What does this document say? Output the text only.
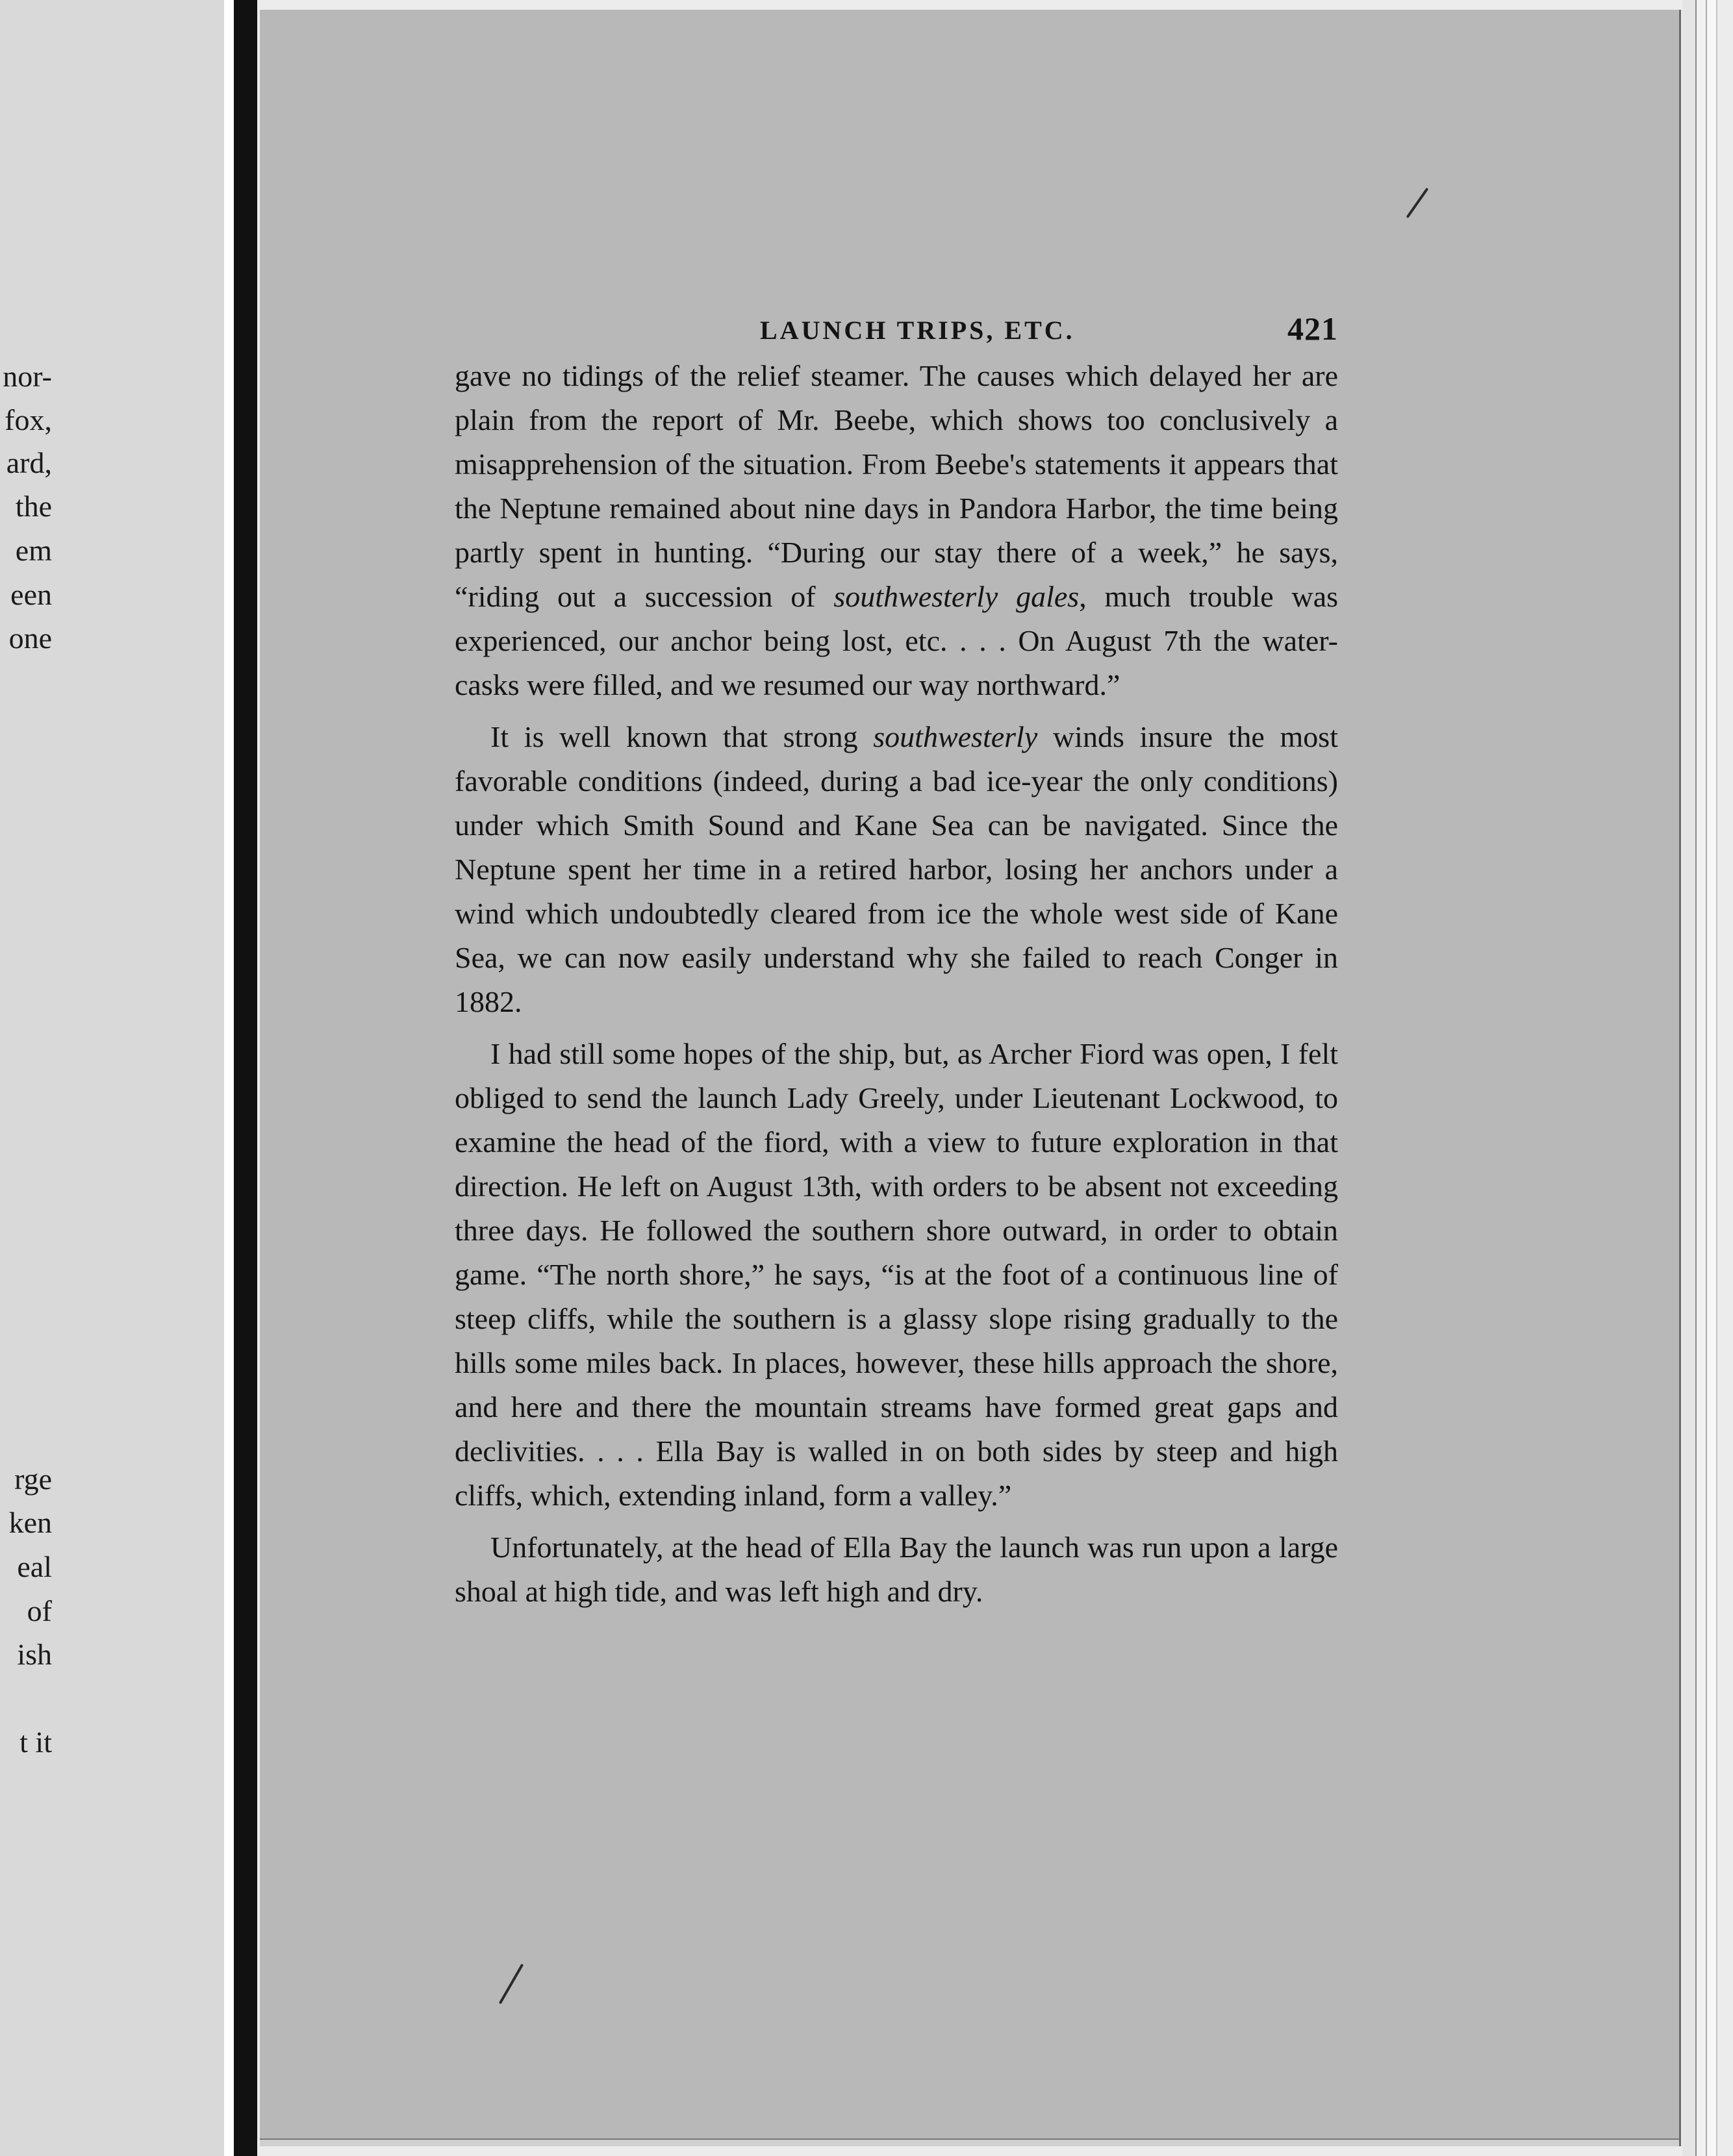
nor-
fox,
ard,
the
em
een
one
rge
ken
eal
of
ish
t it
LAUNCH TRIPS, ETC.	421

gave no tidings of the relief steamer. The causes which delayed her are plain from the report of Mr. Beebe, which shows too conclusively a misapprehension of the situation. From Beebe's statements it appears that the Neptune remained about nine days in Pandora Harbor, the time being partly spent in hunting. “During our stay there of a week,” he says, “riding out a succession of southwesterly gales, much trouble was experienced, our anchor being lost, etc. . . . On August 7th the water-casks were filled, and we resumed our way northward.”

It is well known that strong southwesterly winds insure the most favorable conditions (indeed, during a bad ice-year the only conditions) under which Smith Sound and Kane Sea can be navigated. Since the Neptune spent her time in a retired harbor, losing her anchors under a wind which undoubtedly cleared from ice the whole west side of Kane Sea, we can now easily understand why she failed to reach Conger in 1882.

I had still some hopes of the ship, but, as Archer Fiord was open, I felt obliged to send the launch Lady Greely, under Lieutenant Lockwood, to examine the head of the fiord, with a view to future exploration in that direction. He left on August 13th, with orders to be absent not exceeding three days. He followed the southern shore outward, in order to obtain game. “The north shore,” he says, “is at the foot of a continuous line of steep cliffs, while the southern is a glassy slope rising gradually to the hills some miles back. In places, however, these hills approach the shore, and here and there the mountain streams have formed great gaps and declivities. . . . Ella Bay is walled in on both sides by steep and high cliffs, which, extending inland, form a valley.”

Unfortunately, at the head of Ella Bay the launch was run upon a large shoal at high tide, and was left high and dry.
